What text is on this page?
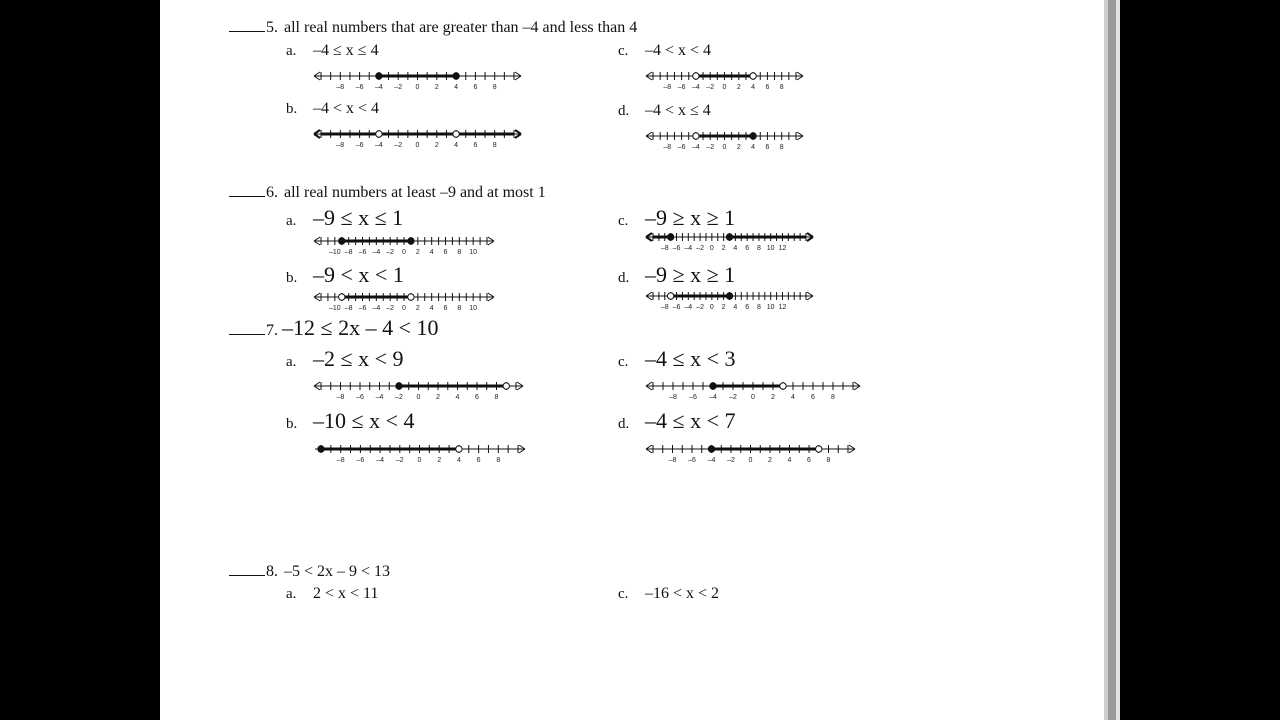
5. all real numbers that are greater than –4 and less than 4
a.	–4 ≤ x ≤ 4
b. –4 < x < 4
c.	–4 < x < 4
d. –4 < x ≤ 4
6. all real numbers at least –9 and at most 1
a. –9 ≤ x ≤ 1
b. –9 < x < 1
c. –9 ≥ x ≥ 1
d. –9 ≥ x ≥ 1
7. –12 ≤ 2x – 4 < 10
a. –2 ≤ x < 9
b. –10 ≤ x < 4
c. –4 ≤ x < 3
d. –4 ≤ x < 7
8. –5 < 2x – 9 < 13
a.	2 < x < 11	c.	–16 < x < 2
–8 –6 –4 –2 0 2 4 6 8
–8 –6 –4 –2 0 2 4 6 8
–8 –6 –4 –2 0 2 4 6 8
–8 –6 –4 –2 0 2 4 6 8
–10 –8 –6 –4 –2 0 2 4 6 8 10
–10 –8 –6 –4 –2 0 2 4 6 8 10
–8 –6 –4 –2 0 2 4 6 8 10 12
–8 –6 –4 –2 0 2 4 6 8 10 12
–8 –6 –4 –2 0 2 4 6 8
–8 –6 –4 –2 0 2 4 6 8
–8 –6 –4 –2 0 2 4 6 8
–8 –6 –4 –2 0 2 4 6 8
